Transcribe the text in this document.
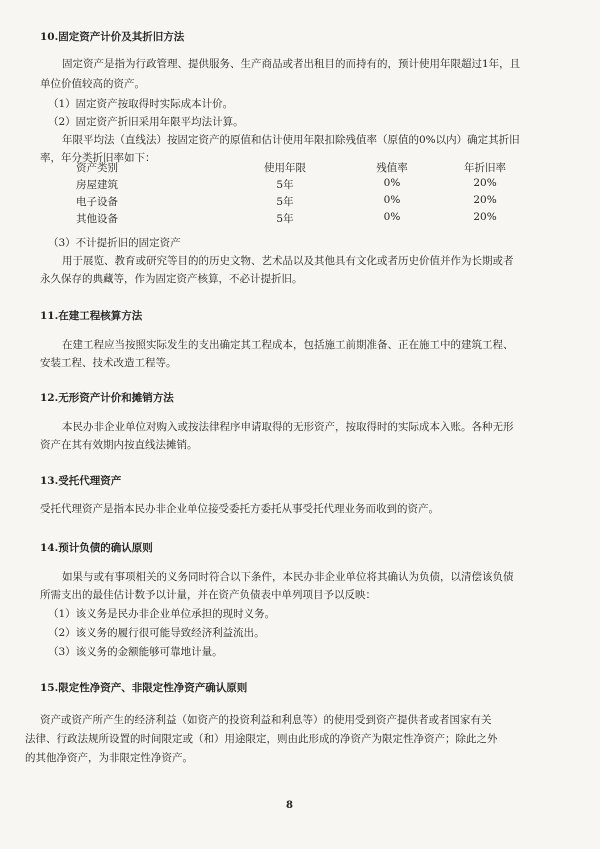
10.固定资产计价及其折旧方法
固定资产是指为行政管理、提供服务、生产商品或者出租目的而持有的，预计使用年限超过1年，且
单位价值较高的资产。
（1）固定资产按取得时实际成本计价。
（2）固定资产折旧采用年限平均法计算。
年限平均法（直线法）按固定资产的原值和估计使用年限扣除残值率（原值的0%以内）确定其折旧
率，年分类折旧率如下：
资产类别	使用年限	残值率	年折旧率
房屋建筑	5年	0%	20%
电子设备	5年	0%	20%
其他设备	5年	0%	20%
（3）不计提折旧的固定资产
用于展览、教育或研究等目的的历史文物、艺术品以及其他具有文化或者历史价值并作为长期或者
永久保存的典藏等，作为固定资产核算，不必计提折旧。
11.在建工程核算方法
在建工程应当按照实际发生的支出确定其工程成本，包括施工前期准备、正在施工中的建筑工程、
安装工程、技术改造工程等。
12.无形资产计价和摊销方法
本民办非企业单位对购入或按法律程序申请取得的无形资产，按取得时的实际成本入账。各种无形
资产在其有效期内按直线法摊销。
13.受托代理资产
受托代理资产是指本民办非企业单位接受委托方委托从事受托代理业务而收到的资产。
14.预计负债的确认原则
如果与或有事项相关的义务同时符合以下条件，本民办非企业单位将其确认为负债，以清偿该负债
所需支出的最佳估计数予以计量，并在资产负债表中单列项目予以反映：
（1）该义务是民办非企业单位承担的现时义务。
（2）该义务的履行很可能导致经济利益流出。
（3）该义务的金额能够可靠地计量。
15.限定性净资产、非限定性净资产确认原则
资产或资产所产生的经济利益（如资产的投资利益和利息等）的使用受到资产提供者或者国家有关
法律、行政法规所设置的时间限定或（和）用途限定，则由此形成的净资产为限定性净资产；除此之外
的其他净资产，为非限定性净资产。
8
